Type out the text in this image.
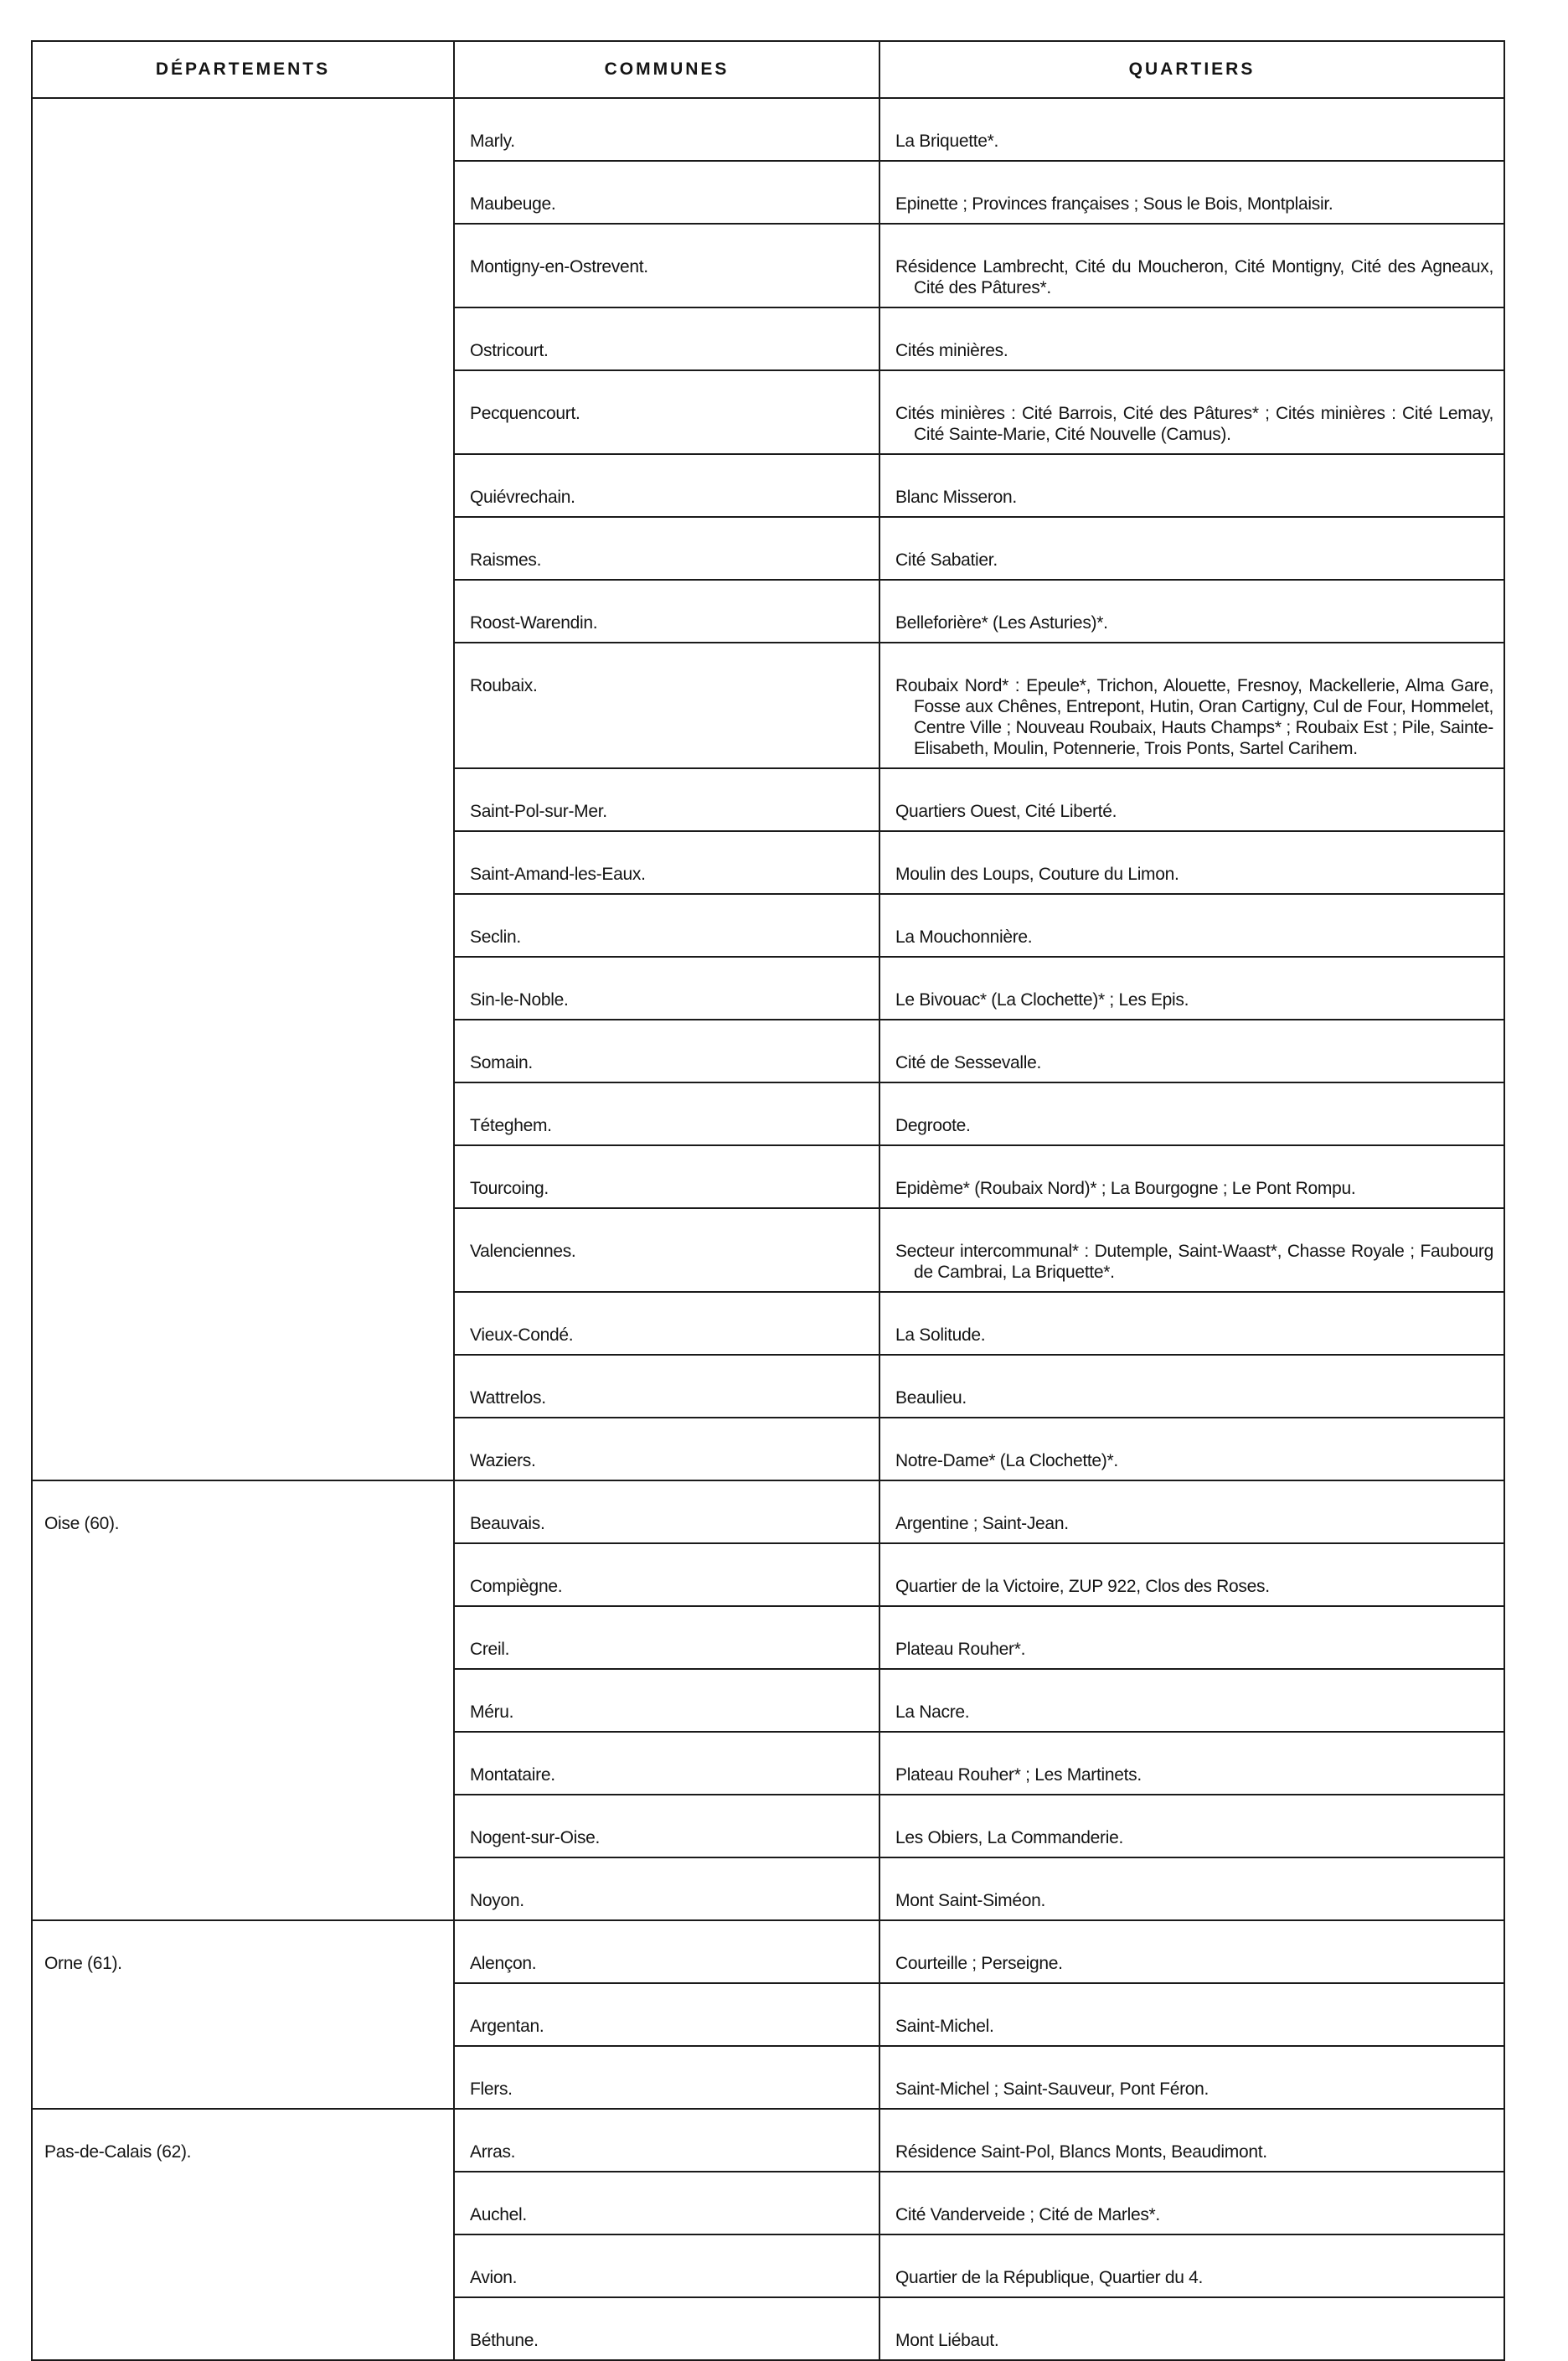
DÉPARTEMENTS	COMMUNES	QUARTIERS
	Marly.	La Briquette*.

	Maubeuge.	Epinette ; Provinces françaises ; Sous le Bois, Montplaisir.

	Montigny-en-Ostrevent.	Résidence Lambrecht, Cité du Moucheron, Cité Montigny, Cité des Agneaux, Cité des Pâtures*.

	Ostricourt.	Cités minières.

	Pecquencourt.	Cités minières : Cité Barrois, Cité des Pâtures* ; Cités minières : Cité Lemay, Cité Sainte-Marie, Cité Nouvelle (Camus).

	Quiévrechain.	Blanc Misseron.

	Raismes.	Cité Sabatier.

	Roost-Warendin.	Belleforière* (Les Asturies)*.

	Roubaix.	Roubaix Nord* : Epeule*, Trichon, Alouette, Fresnoy, Mackellerie, Alma Gare, Fosse aux Chênes, Entrepont, Hutin, Oran Cartigny, Cul de Four, Hommelet, Centre Ville ; Nouveau Roubaix, Hauts Champs* ; Roubaix Est ; Pile, Sainte-Elisabeth, Moulin, Potennerie, Trois Ponts, Sartel Carihem.

	Saint-Pol-sur-Mer.	Quartiers Ouest, Cité Liberté.

	Saint-Amand-les-Eaux.	Moulin des Loups, Couture du Limon.

	Seclin.	La Mouchonnière.

	Sin-le-Noble.	Le Bivouac* (La Clochette)* ; Les Epis.

	Somain.	Cité de Sessevalle.

	Téteghem.	Degroote.

	Tourcoing.	Epidème* (Roubaix Nord)* ; La Bourgogne ; Le Pont Rompu.

	Valenciennes.	Secteur intercommunal* : Dutemple, Saint-Waast*, Chasse Royale ; Faubourg de Cambrai, La Briquette*.

	Vieux-Condé.	La Solitude.

	Wattrelos.	Beaulieu.

	Waziers.	Notre-Dame* (La Clochette)*.

Oise (60).	Beauvais.	Argentine ; Saint-Jean.

	Compiègne.	Quartier de la Victoire, ZUP 922, Clos des Roses.

	Creil.	Plateau Rouher*.

	Méru.	La Nacre.

	Montataire.	Plateau Rouher* ; Les Martinets.

	Nogent-sur-Oise.	Les Obiers, La Commanderie.

	Noyon.	Mont Saint-Siméon.

Orne (61).	Alençon.	Courteille ; Perseigne.

	Argentan.	Saint-Michel.

	Flers.	Saint-Michel ; Saint-Sauveur, Pont Féron.

Pas-de-Calais (62).	Arras.	Résidence Saint-Pol, Blancs Monts, Beaudimont.

	Auchel.	Cité Vanderveide ; Cité de Marles*.

	Avion.	Quartier de la République, Quartier du 4.

	Béthune.	Mont Liébaut.
